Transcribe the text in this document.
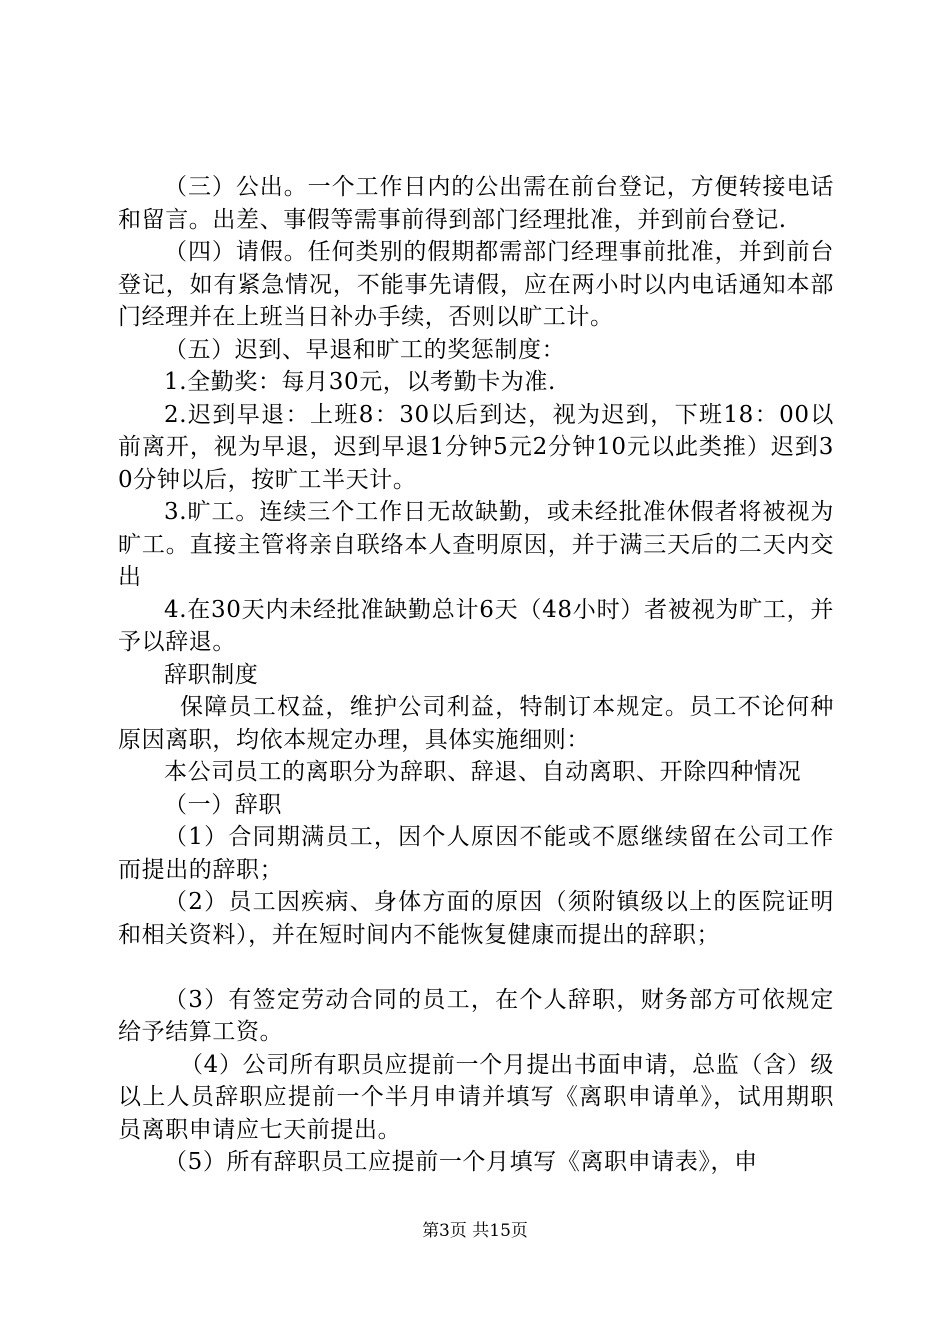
（三）公出。一个工作日内的公出需在前台登记，方便转接电话和留言。出差、事假等需事前得到部门经理批准，并到前台登记.

（四）请假。任何类别的假期都需部门经理事前批准，并到前台登记，如有紧急情况，不能事先请假，应在两小时以内电话通知本部门经理并在上班当日补办手续，否则以旷工计。

（五）迟到、早退和旷工的奖惩制度：

1.全勤奖：每月30元，以考勤卡为准.

2.迟到早退：上班8：30以后到达，视为迟到，下班18：00以前离开，视为早退，迟到早退1分钟5元2分钟10元以此类推）迟到30分钟以后，按旷工半天计。

3.旷工。连续三个工作日无故缺勤，或未经批准休假者将被视为旷工。直接主管将亲自联络本人查明原因，并于满三天后的二天内交出

4.在30天内未经批准缺勤总计6天（48小时）者被视为旷工，并予以辞退。

辞职制度

保障员工权益，维护公司利益，特制订本规定。员工不论何种原因离职，均依本规定办理，具体实施细则：

本公司员工的离职分为辞职、辞退、自动离职、开除四种情况

（一）辞职

（1）合同期满员工，因个人原因不能或不愿继续留在公司工作而提出的辞职；

（2）员工因疾病、身体方面的原因（须附镇级以上的医院证明和相关资料），并在短时间内不能恢复健康而提出的辞职；

（3）有签定劳动合同的员工，在个人辞职，财务部方可依规定给予结算工资。

（4）公司所有职员应提前一个月提出书面申请，总监（含）级以上人员辞职应提前一个半月申请并填写《离职申请单》，试用期职员离职申请应七天前提出。

（5）所有辞职员工应提前一个月填写《离职申请表》，申

第3页 共15页
